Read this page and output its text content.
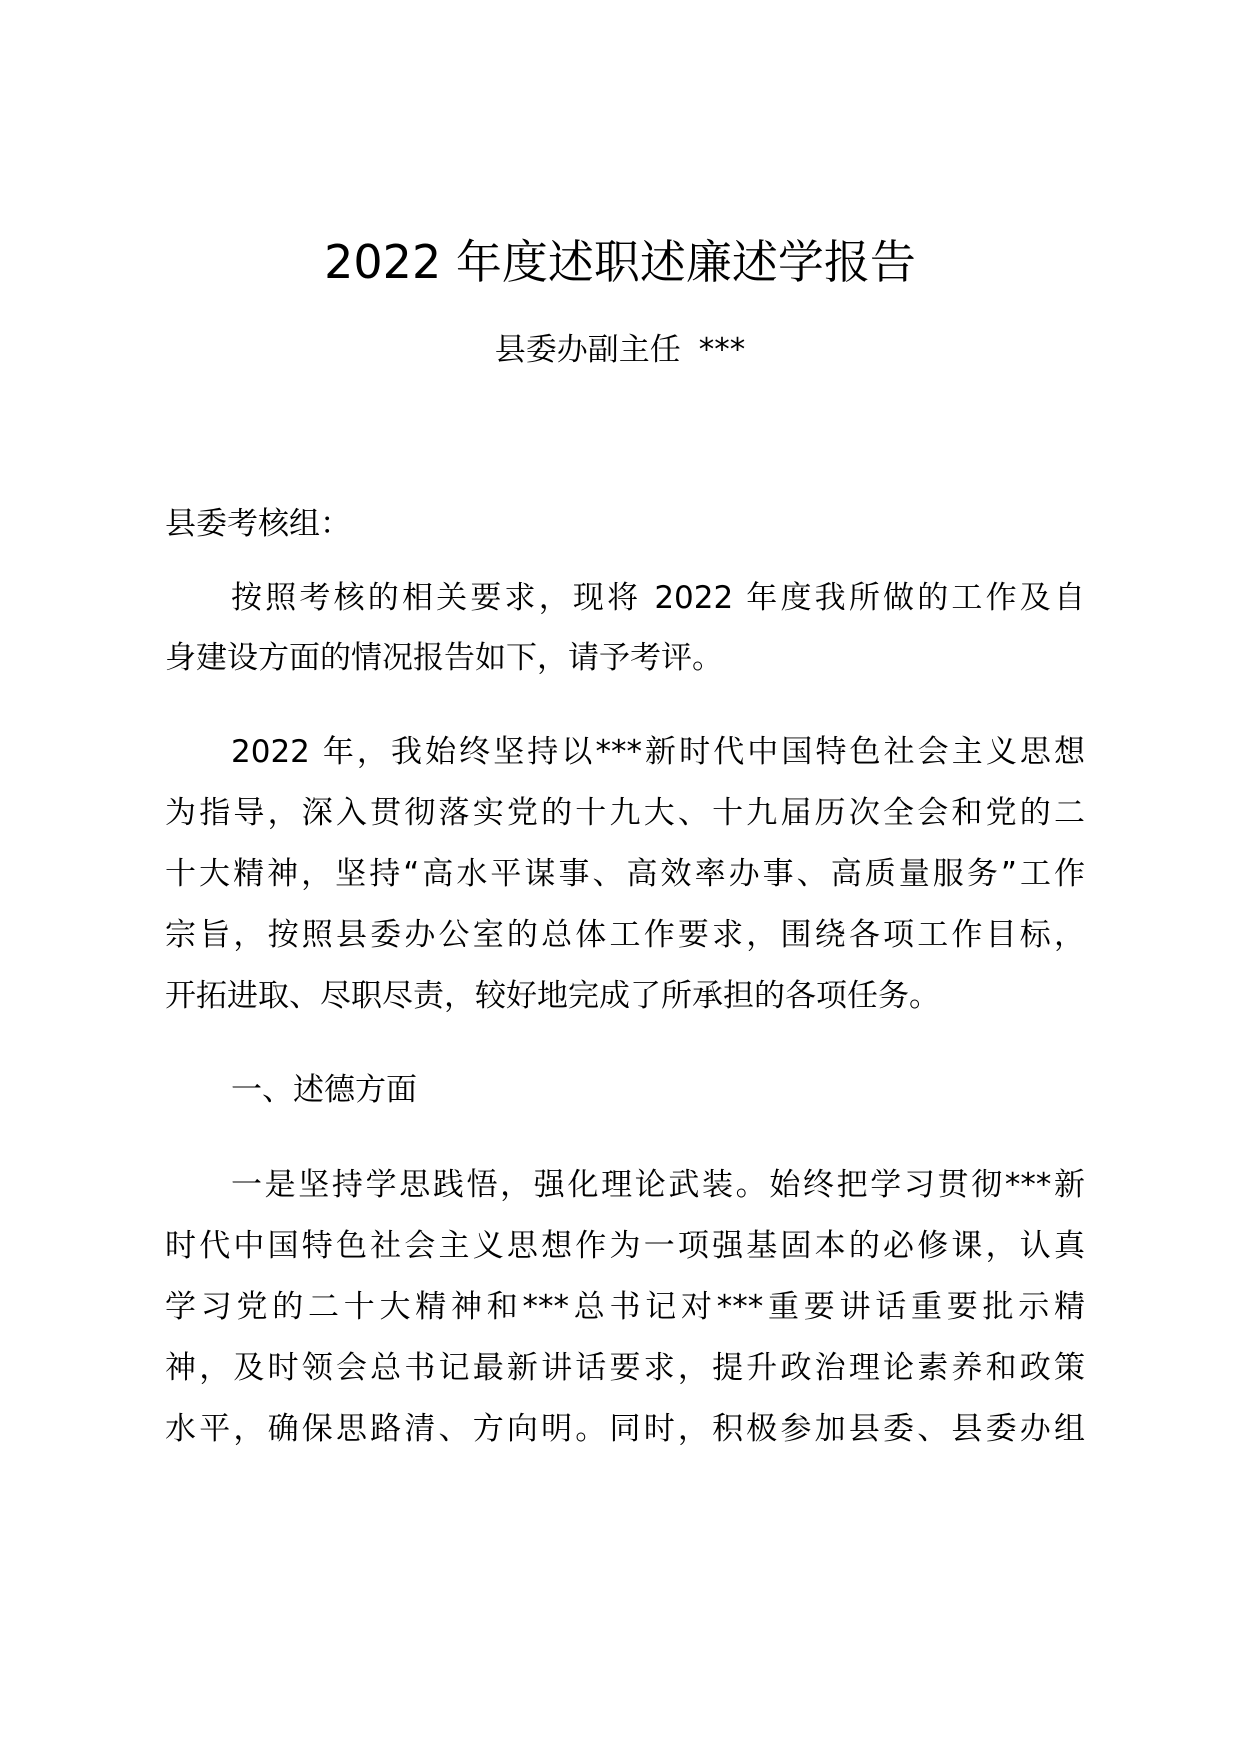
2022 年度述职述廉述学报告
县委办副主任 ***
县委考核组：
按照考核的相关要求，现将 2022 年度我所做的工作及自
身建设方面的情况报告如下，请予考评。
2022 年，我始终坚持以***新时代中国特色社会主义思想
为指导，深入贯彻落实党的十九大、十九届历次全会和党的二
十大精神，坚持“高水平谋事、高效率办事、高质量服务”工作
宗旨，按照县委办公室的总体工作要求，围绕各项工作目标，
开拓进取、尽职尽责，较好地完成了所承担的各项任务。
一、述德方面
一是坚持学思践悟，强化理论武装。始终把学习贯彻***新
时代中国特色社会主义思想作为一项强基固本的必修课，认真
学习党的二十大精神和***总书记对***重要讲话重要批示精
神，及时领会总书记最新讲话要求，提升政治理论素养和政策
水平，确保思路清、方向明。同时，积极参加县委、县委办组
